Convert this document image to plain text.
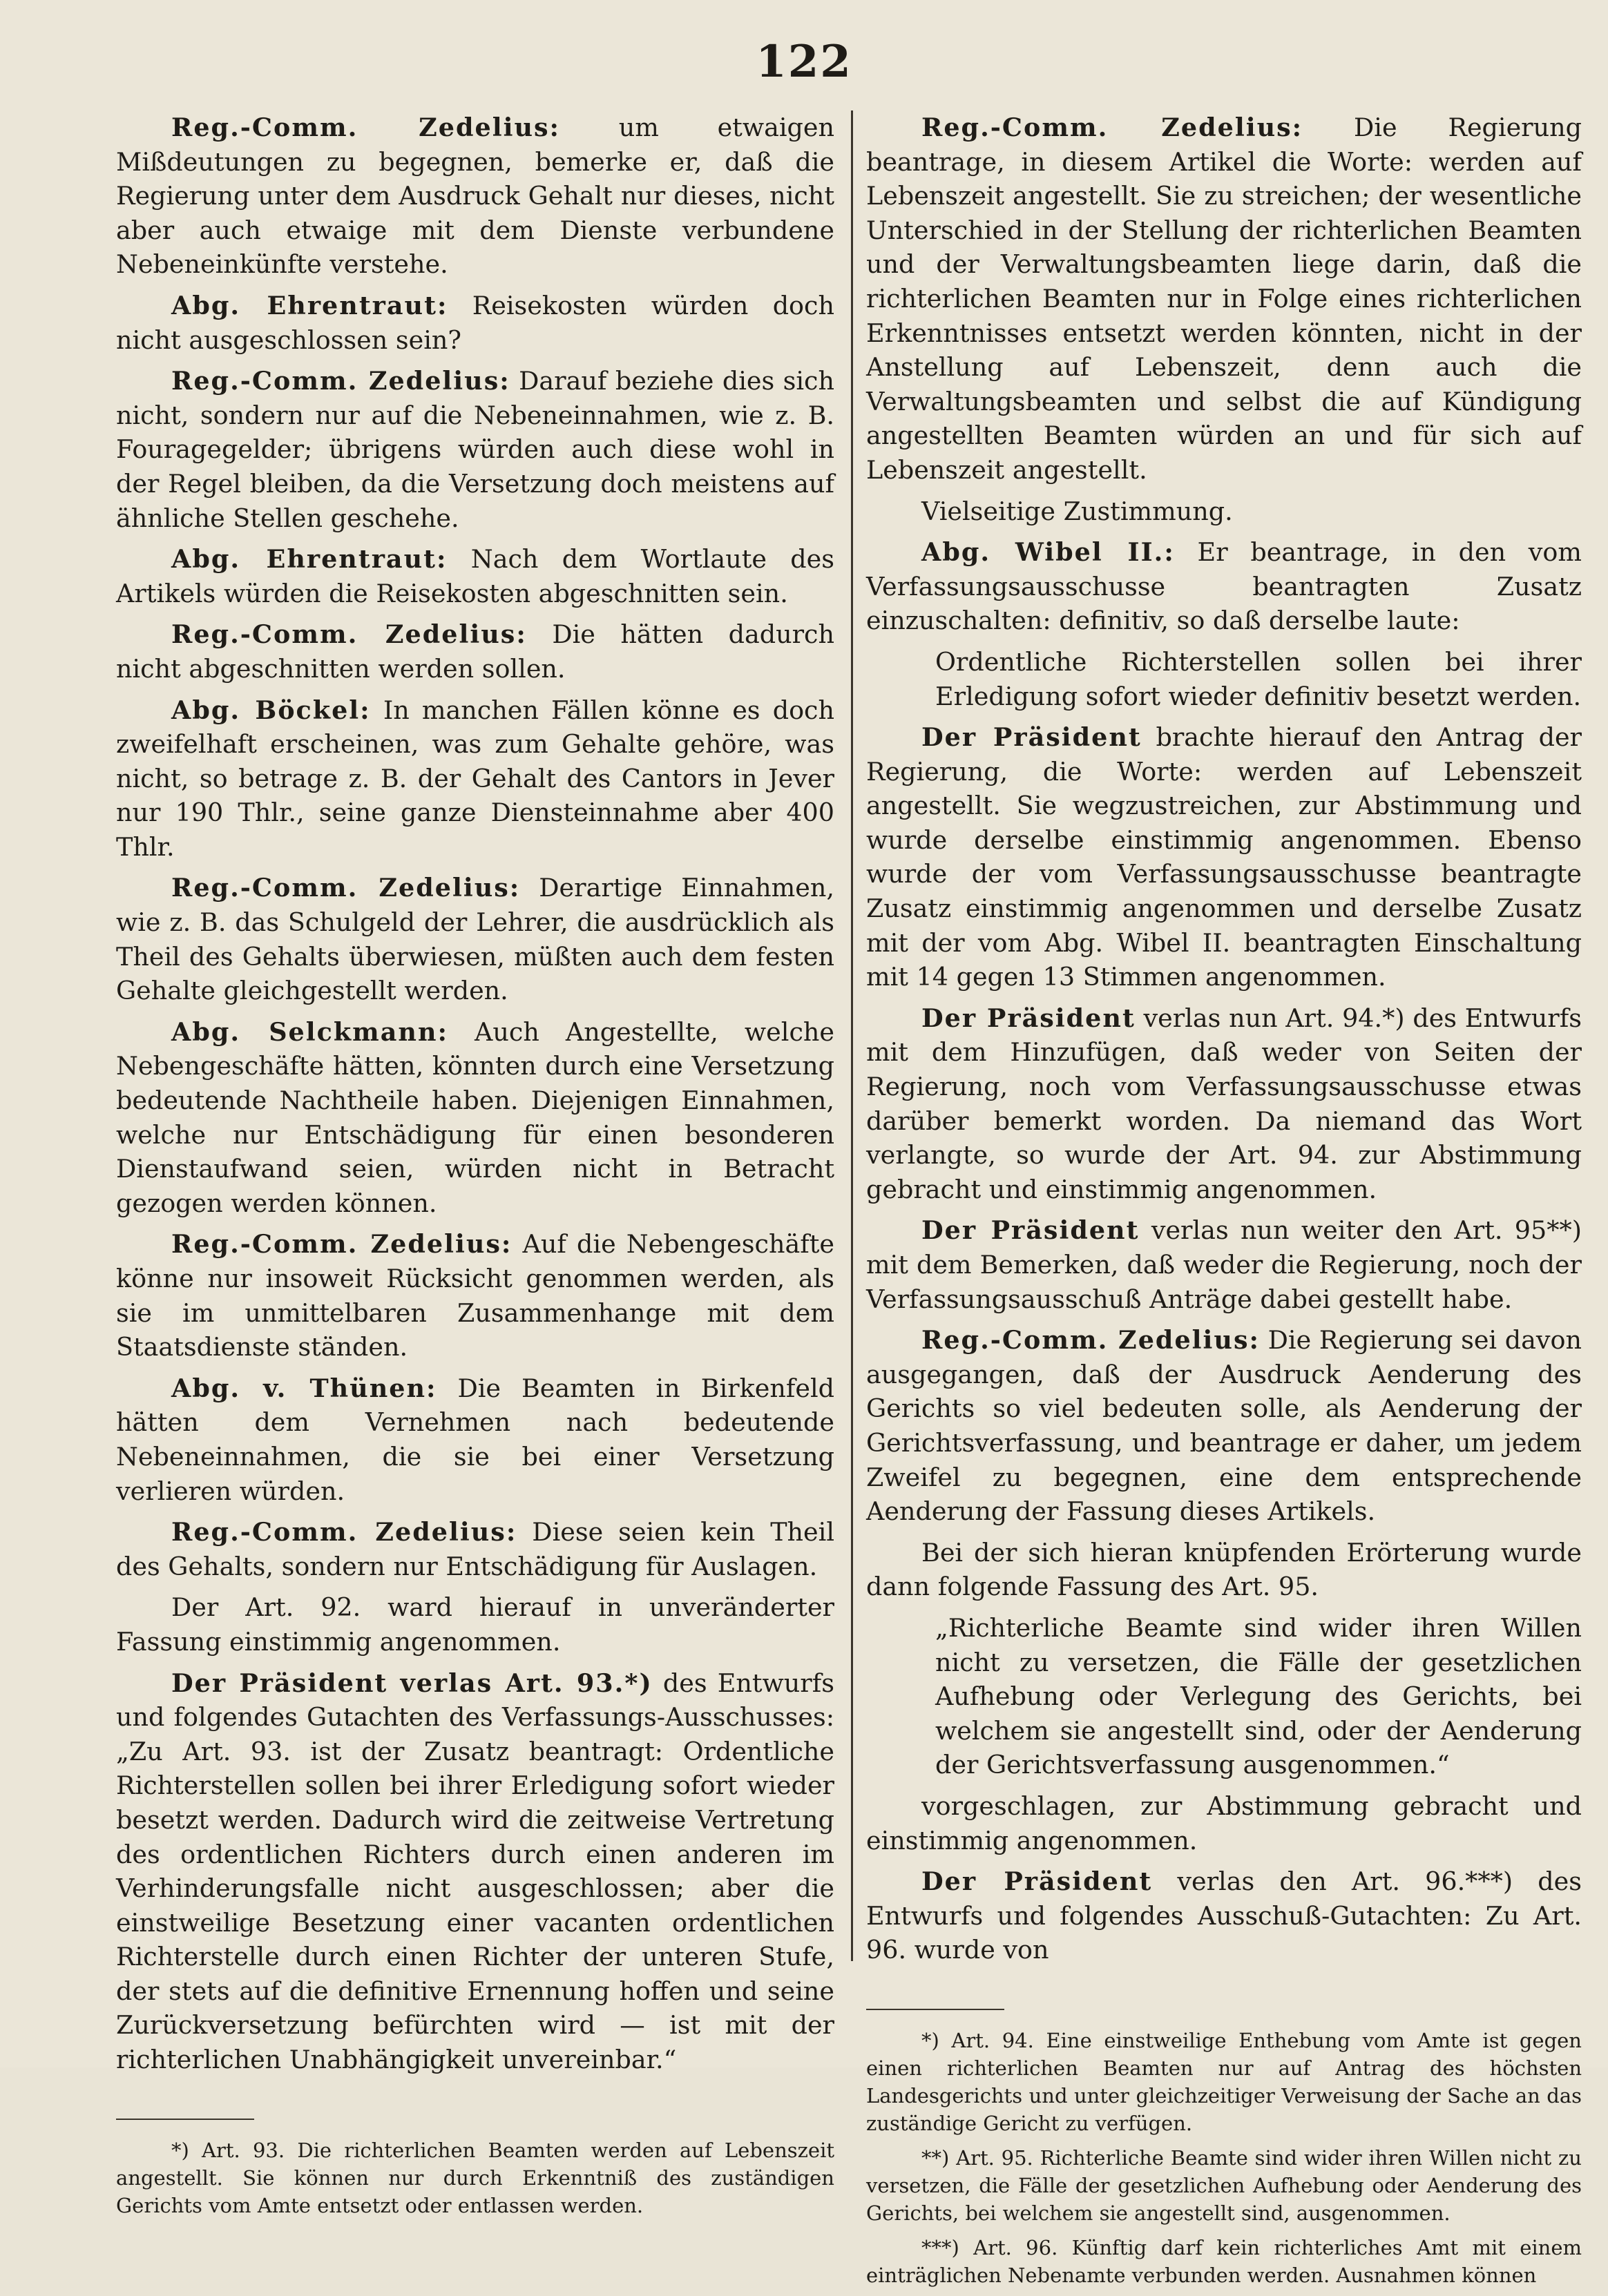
122

Reg.-Comm. Zedelius: um etwaigen Mißdeutungen zu begegnen, bemerke er, daß die Regierung unter dem Ausdruck Gehalt nur dieses, nicht aber auch etwaige mit dem Dienste verbundene Nebeneinkünfte verstehe.

Abg. Ehrentraut: Reisekosten würden doch nicht ausgeschlossen sein?

Reg.-Comm. Zedelius: Darauf beziehe dies sich nicht, sondern nur auf die Nebeneinnahmen, wie z. B. Fouragegelder; übrigens würden auch diese wohl in der Regel bleiben, da die Versetzung doch meistens auf ähnliche Stellen geschehe.

Abg. Ehrentraut: Nach dem Wortlaute des Artikels würden die Reisekosten abgeschnitten sein.

Reg.-Comm. Zedelius: Die hätten dadurch nicht abgeschnitten werden sollen.

Abg. Böckel: In manchen Fällen könne es doch zweifelhaft erscheinen, was zum Gehalte gehöre, was nicht, so betrage z. B. der Gehalt des Cantors in Jever nur 190 Thlr., seine ganze Diensteinnahme aber 400 Thlr.

Reg.-Comm. Zedelius: Derartige Einnahmen, wie z. B. das Schulgeld der Lehrer, die ausdrücklich als Theil des Gehalts überwiesen, müßten auch dem festen Gehalte gleichgestellt werden.

Abg. Selckmann: Auch Angestellte, welche Nebengeschäfte hätten, könnten durch eine Versetzung bedeutende Nachtheile haben. Diejenigen Einnahmen, welche nur Entschädigung für einen besonderen Dienstaufwand seien, würden nicht in Betracht gezogen werden können.

Reg.-Comm. Zedelius: Auf die Nebengeschäfte könne nur insoweit Rücksicht genommen werden, als sie im unmittelbaren Zusammenhange mit dem Staatsdienste ständen.

Abg. v. Thünen: Die Beamten in Birkenfeld hätten dem Vernehmen nach bedeutende Nebeneinnahmen, die sie bei einer Versetzung verlieren würden.

Reg.-Comm. Zedelius: Diese seien kein Theil des Gehalts, sondern nur Entschädigung für Auslagen.

Der Art. 92. ward hierauf in unveränderter Fassung einstimmig angenommen.

Der Präsident verlas Art. 93.*) des Entwurfs und folgendes Gutachten des Verfassungs-Ausschusses: „Zu Art. 93. ist der Zusatz beantragt: Ordentliche Richterstellen sollen bei ihrer Erledigung sofort wieder besetzt werden. Dadurch wird die zeitweise Vertretung des ordentlichen Richters durch einen anderen im Verhinderungsfalle nicht ausgeschlossen; aber die einstweilige Besetzung einer vacanten ordentlichen Richterstelle durch einen Richter der unteren Stufe, der stets auf die definitive Ernennung hoffen und seine Zurückversetzung befürchten wird — ist mit der richterlichen Unabhängigkeit unvereinbar.“

*) Art. 93. Die richterlichen Beamten werden auf Lebenszeit angestellt. Sie können nur durch Erkenntniß des zuständigen Gerichts vom Amte entsetzt oder entlassen werden.

Reg.-Comm. Zedelius: Die Regierung beantrage, in diesem Artikel die Worte: werden auf Lebenszeit angestellt. Sie zu streichen; der wesentliche Unterschied in der Stellung der richterlichen Beamten und der Verwaltungsbeamten liege darin, daß die richterlichen Beamten nur in Folge eines richterlichen Erkenntnisses entsetzt werden könnten, nicht in der Anstellung auf Lebenszeit, denn auch die Verwaltungsbeamten und selbst die auf Kündigung angestellten Beamten würden an und für sich auf Lebenszeit angestellt.

Vielseitige Zustimmung.

Abg. Wibel II.: Er beantrage, in den vom Verfassungsausschusse beantragten Zusatz einzuschalten: definitiv, so daß derselbe laute:

Ordentliche Richterstellen sollen bei ihrer Erledigung sofort wieder definitiv besetzt werden.

Der Präsident brachte hierauf den Antrag der Regierung, die Worte: werden auf Lebenszeit angestellt. Sie wegzustreichen, zur Abstimmung und wurde derselbe einstimmig angenommen. Ebenso wurde der vom Verfassungsausschusse beantragte Zusatz einstimmig angenommen und derselbe Zusatz mit der vom Abg. Wibel II. beantragten Einschaltung mit 14 gegen 13 Stimmen angenommen.

Der Präsident verlas nun Art. 94.*) des Entwurfs mit dem Hinzufügen, daß weder von Seiten der Regierung, noch vom Verfassungsausschusse etwas darüber bemerkt worden. Da niemand das Wort verlangte, so wurde der Art. 94. zur Abstimmung gebracht und einstimmig angenommen.

Der Präsident verlas nun weiter den Art. 95**) mit dem Bemerken, daß weder die Regierung, noch der Verfassungsausschuß Anträge dabei gestellt habe.

Reg.-Comm. Zedelius: Die Regierung sei davon ausgegangen, daß der Ausdruck Aenderung des Gerichts so viel bedeuten solle, als Aenderung der Gerichtsverfassung, und beantrage er daher, um jedem Zweifel zu begegnen, eine dem entsprechende Aenderung der Fassung dieses Artikels.

Bei der sich hieran knüpfenden Erörterung wurde dann folgende Fassung des Art. 95.

„Richterliche Beamte sind wider ihren Willen nicht zu versetzen, die Fälle der gesetzlichen Aufhebung oder Verlegung des Gerichts, bei welchem sie angestellt sind, oder der Aenderung der Gerichtsverfassung ausgenommen.“

vorgeschlagen, zur Abstimmung gebracht und einstimmig angenommen.

Der Präsident verlas den Art. 96.***) des Entwurfs und folgendes Ausschuß-Gutachten: Zu Art. 96. wurde von

*) Art. 94. Eine einstweilige Enthebung vom Amte ist gegen einen richterlichen Beamten nur auf Antrag des höchsten Landesgerichts und unter gleichzeitiger Verweisung der Sache an das zuständige Gericht zu verfügen.

**) Art. 95. Richterliche Beamte sind wider ihren Willen nicht zu versetzen, die Fälle der gesetzlichen Aufhebung oder Aenderung des Gerichts, bei welchem sie angestellt sind, ausgenommen.

***) Art. 96. Künftig darf kein richterliches Amt mit einem einträglichen Nebenamte verbunden werden. Ausnahmen können
